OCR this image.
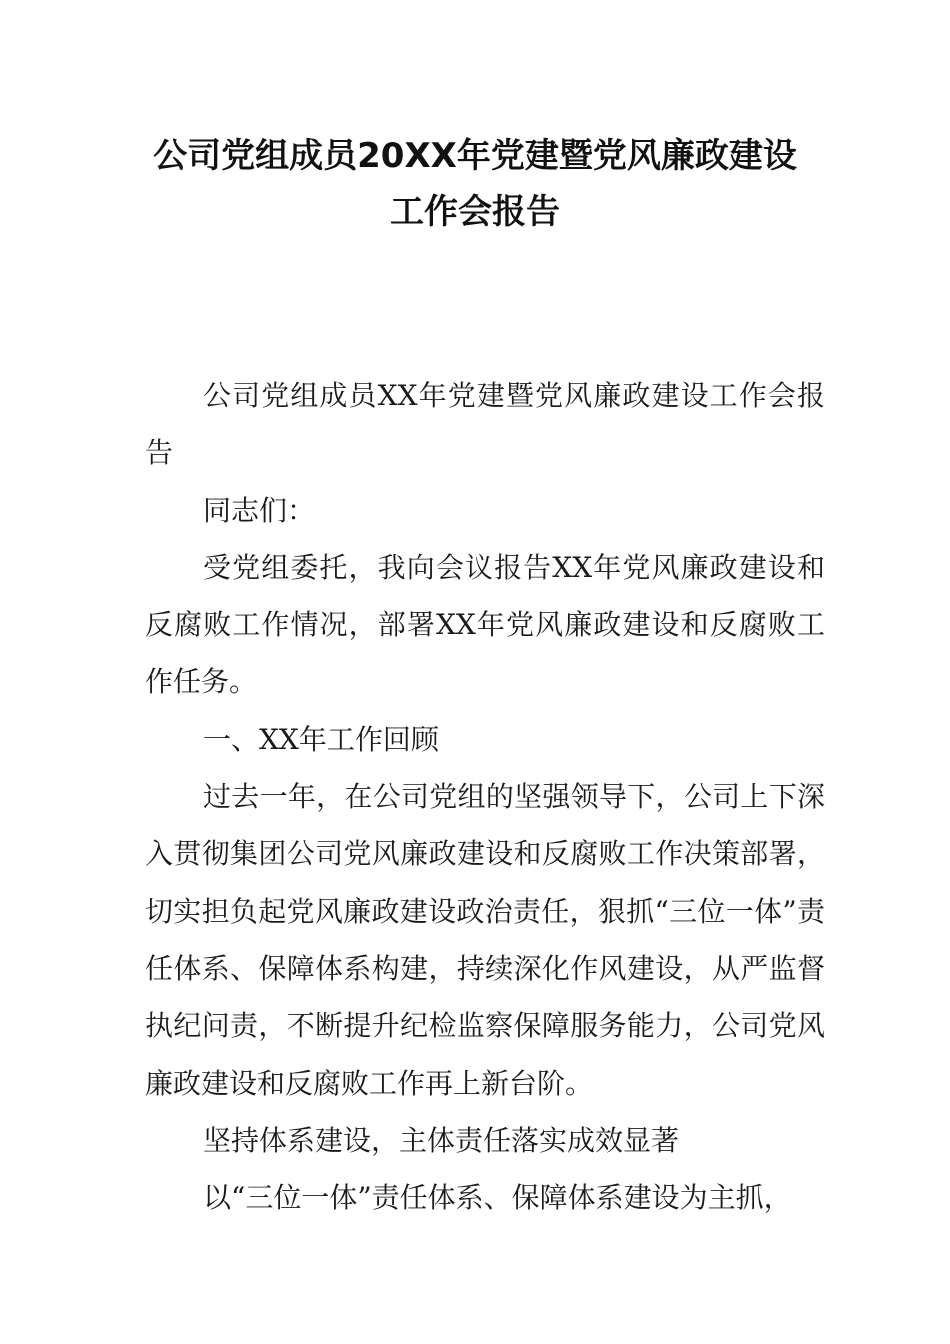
公司党组成员20XX年党建暨党风廉政建设
工作会报告

公司党组成员XX年党建暨党风廉政建设工作会报告

同志们：

受党组委托，我向会议报告XX年党风廉政建设和反腐败工作情况，部署XX年党风廉政建设和反腐败工作任务。

一、XX年工作回顾

过去一年，在公司党组的坚强领导下，公司上下深入贯彻集团公司党风廉政建设和反腐败工作决策部署，切实担负起党风廉政建设政治责任，狠抓“三位一体”责任体系、保障体系构建，持续深化作风建设，从严监督执纪问责，不断提升纪检监察保障服务能力，公司党风廉政建设和反腐败工作再上新台阶。

坚持体系建设，主体责任落实成效显著

以“三位一体”责任体系、保障体系建设为主抓，
